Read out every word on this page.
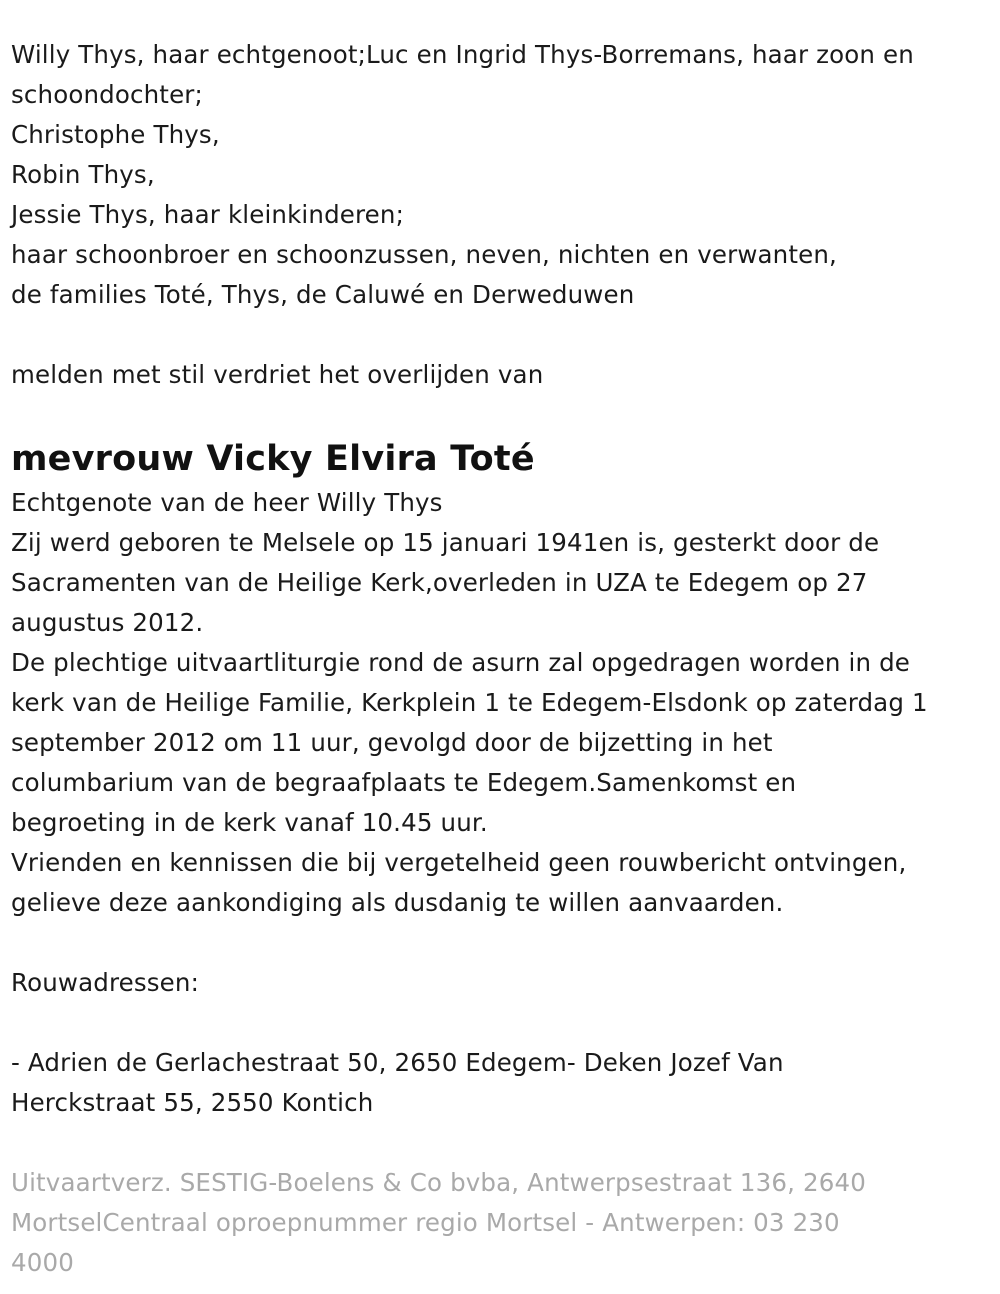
Willy Thys, haar echtgenoot;Luc en Ingrid Thys-Borremans, haar zoon en

schoondochter;

Christophe Thys,

Robin Thys,

Jessie Thys, haar kleinkinderen;

haar schoonbroer en schoonzussen, neven, nichten en verwanten,

de families Toté, Thys, de Caluwé en Derweduwen

melden met stil verdriet het overlijden van

mevrouw Vicky Elvira Toté

Echtgenote van de heer Willy Thys

Zij werd geboren te Melsele op 15 januari 1941en is, gesterkt door de

Sacramenten van de Heilige Kerk,overleden in UZA te Edegem op 27

augustus 2012.

De plechtige uitvaartliturgie rond de asurn zal opgedragen worden in de

kerk van de Heilige Familie, Kerkplein 1 te Edegem-Elsdonk op zaterdag 1

september 2012 om 11 uur, gevolgd door de bijzetting in het

columbarium van de begraafplaats te Edegem.Samenkomst en

begroeting in de kerk vanaf 10.45 uur.

Vrienden en kennissen die bij vergetelheid geen rouwbericht ontvingen,

gelieve deze aankondiging als dusdanig te willen aanvaarden.

Rouwadressen:

- Adrien de Gerlachestraat 50, 2650 Edegem- Deken Jozef Van

Herckstraat 55, 2550 Kontich

Uitvaartverz. SESTIG-Boelens & Co bvba, Antwerpsestraat 136, 2640

MortselCentraal oproepnummer regio Mortsel - Antwerpen: 03 230

4000
